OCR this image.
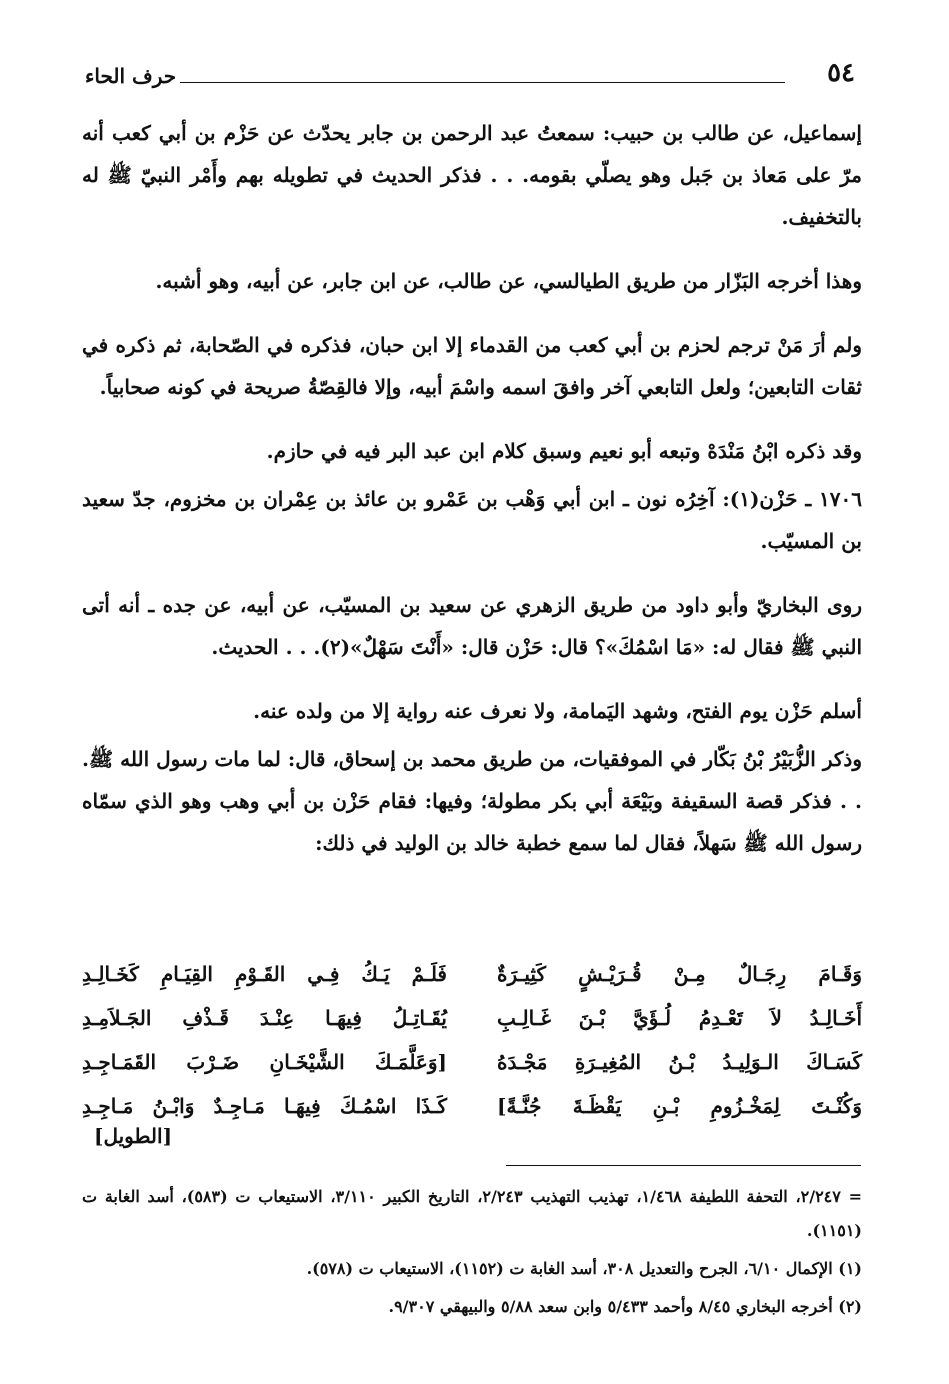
٥٤
حرف الحاء

إسماعيل، عن طالب بن حبيب: سمعتُ عبد الرحمن بن جابر يحدّث عن حَزْم بن أبي كعب أنه مرّ على مَعاذ بن جَبل وهو يصلّي بقومه. . . فذكر الحديث في تطويله بهم وأَمْر النبيّ ﷺ له بالتخفيف.

وهذا أخرجه البَزّار من طريق الطيالسي، عن طالب، عن ابن جابر، عن أبيه، وهو أشبه.

ولم أرَ مَنْ ترجم لحزم بن أبي كعب من القدماء إلا ابن حبان، فذكره في الصّحابة، ثم ذكره في ثقات التابعين؛ ولعل التابعي آخر وافقَ اسمه واسْمَ أبيه، وإلا فالقِصّةُ صريحة في كونه صحابياً.

وقد ذكره ابْنُ مَنْدَهْ وتبعه أبو نعيم وسبق كلام ابن عبد البر فيه في حازم.

١٧٠٦ ـ حَزْن(١): آخِرُه نون ـ ابن أبي وَهْب بن عَمْرو بن عائذ بن عِمْران بن مخزوم، جدّ سعيد بن المسيّب.

روى البخاريّ وأبو داود من طريق الزهري عن سعيد بن المسيّب، عن أبيه، عن جده ـ أنه أتى النبي ﷺ فقال له: «مَا اسْمُكَ»؟ قال: حَزْن قال: «أَنْتَ سَهْلٌ»(٢). . . الحديث.

أسلم حَزْن يوم الفتح، وشهد اليَمامة، ولا نعرف عنه رواية إلا من ولده عنه.

وذكر الزُّبَيْرُ بْنُ بَكّار في الموفقيات، من طريق محمد بن إسحاق، قال: لما مات رسول الله ﷺ. . . فذكر قصة السقيفة وبَيْعَة أبي بكر مطولة؛ وفيها: فقام حَزْن بن أبي وهب وهو الذي سمّاه رسول الله ﷺ سَهلاً، فقال لما سمع خطبة خالد بن الوليد في ذلك:

وَقَـامَ رِجَـالٌ مِـنْ قُـرَيْـشٍ كَثِيـرَةٌ
فَلَـمْ يَـكُ فِـي القَـوْمِ القِيَـامِ كَخَـالِـدِ
أَخَـالِـدُ لاَ تَعْـدِمُ لُـؤَيَّ بْـنَ غَـالِـبِ
يُقَـاتِـلُ فِيهَـا عِنْـدَ قَـذْفِ الجَـلاَمِـدِ
كَسَـاكَ الـوَلِيـدُ بْـنُ المُغِيـرَةِ مَجْـدَهُ
[وَعَلَّمَـكَ الشَّيْخَـانِ ضَـرْبَ القَمَـاجِـدِ
وَكُنْـتَ لِمَخْـزُومِ بْـنِ يَقْظَـةَ جُنَّـةً]
كَـذَا اسْمُـكَ فِيهَـا مَـاجِـدٌ وَابْـنُ مَـاجِـدِ
[الطويل]

= ٢/٢٤٧، التحفة اللطيفة ١/٤٦٨، تهذيب التهذيب ٢/٢٤٣، التاريخ الكبير ٣/١١٠، الاستيعاب ت (٥٨٣)، أسد الغابة ت (١١٥١).

(١) الإكمال ٦/١٠، الجرح والتعديل ٣٠٨، أسد الغابة ت (١١٥٢)، الاستيعاب ت (٥٧٨).

(٢) أخرجه البخاري ٨/٤٥ وأحمد ٥/٤٣٣ وابن سعد ٥/٨٨ والبيهقي ٩/٣٠٧.
